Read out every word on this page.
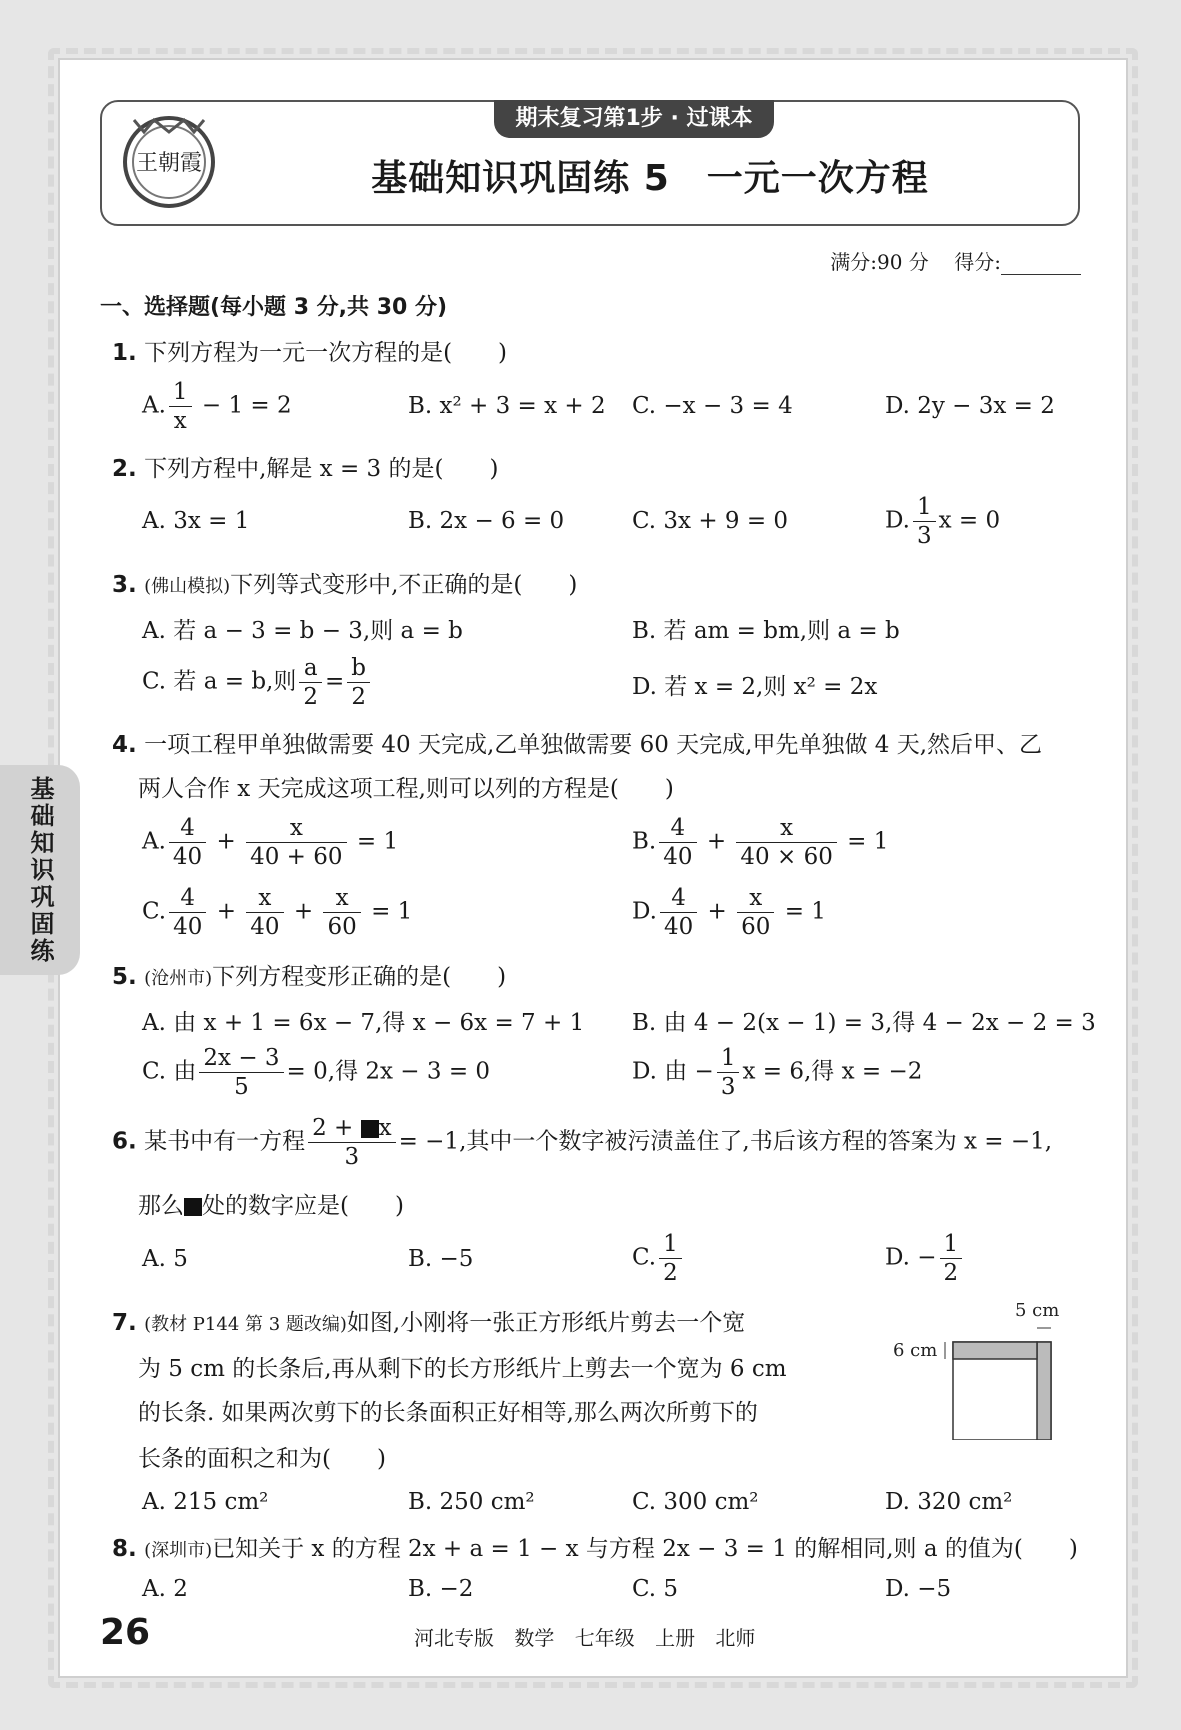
王朝霞
期末复习第1步 · 过课本
基础知识巩固练 5　一元一次方程
满分:90 分 得分:
基础知识巩固练
一、选择题(每小题 3 分,共 30 分)
1. 下列方程为一元一次方程的是(　　)
A. $\frac{1}{x} - 1 = 2$	B. x² + 3 = x + 2 C. −x − 3 = 4	D. 2y − 3x = 2
2. 下列方程中,解是 x = 3 的是(　　)
A. 3x = 1	B. 2x − 6 = 0	C. 3x + 9 = 0	D. $\frac{1}{3}$ x = 0
3. (佛山模拟)下列等式变形中,不正确的是(　　)
A. 若 a − 3 = b − 3,则 a = b	B. 若 am = bm,则 a = b
C. 若 a = b,则 $\frac{a}{2} = \frac{b}{2}$	D. 若 x = 2,则 x² = 2x
4. 一项工程甲单独做需要 40 天完成,乙单独做需要 60 天完成,甲先单独做 4 天,然后甲、乙
两人合作 x 天完成这项工程,则可以列的方程是(　　)
A. $\frac{4}{40} + \frac{x}{40 + 60} = 1$	B. $\frac{4}{40} + \frac{x}{40 \times 60} = 1$
C. $\frac{4}{40} + \frac{x}{40} + \frac{x}{60} = 1$	D. $\frac{4}{40} + \frac{x}{60} = 1$
5. (沧州市)下列方程变形正确的是(　　)
A. 由 x + 1 = 6x − 7,得 x − 6x = 7 + 1 B. 由 4 − 2(x − 1) = 3,得 4 − 2x − 2 = 3
C. 由 $\frac{2x - 3}{5} = 0$,得 2x − 3 = 0	D. 由 − $\frac{1}{3}$ x = 6,得 x = −2
6. 某书中有一方程 $\frac{2 + x}{3} = -1$,其中一个数字被污渍盖住了,书后该方程的答案为 x = −1,
那么 处的数字应是(　　)
A. 5	B. −5	C. $\frac{1}{2}$	D. − $\frac{1}{2}$
7. (教材 P144 第 3 题改编)如图,小刚将一张正方形纸片剪去一个宽
为 5 cm 的长条后,再从剩下的长方形纸片上剪去一个宽为 6 cm
的长条. 如果两次剪下的长条面积正好相等,那么两次所剪下的
长条的面积之和为(　　)
5 cm
6 cm
A. 215 cm²	B. 250 cm²	C. 300 cm²	D. 320 cm²
8. (深圳市)已知关于 x 的方程 2x + a = 1 − x 与方程 2x − 3 = 1 的解相同,则 a 的值为(　　)
A. 2	B. −2	C. 5	D. −5
26	河北专版 数学 七年级 上册 北师
